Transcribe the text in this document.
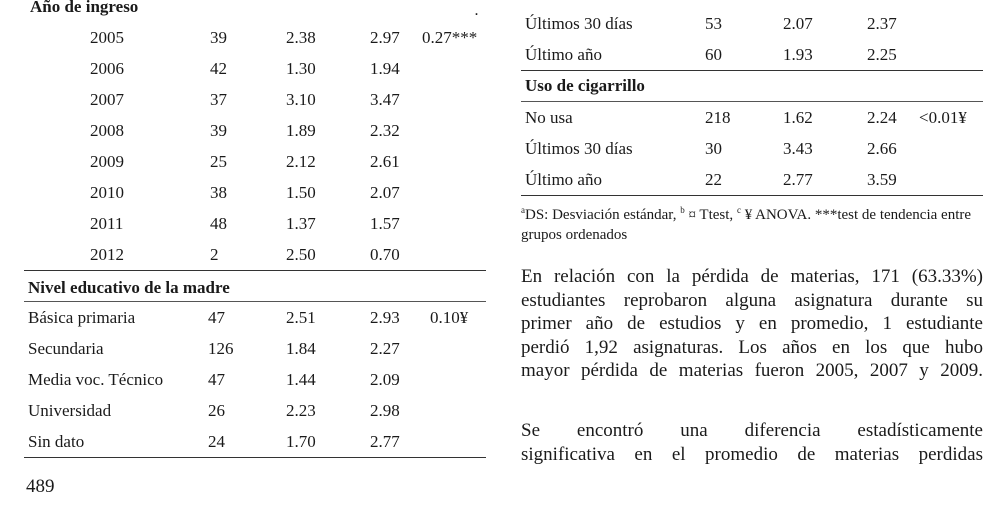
Año de ingreso	.
2005	39	2.38	2.97 0.27***
2006	42	1.30	1.94
2007	37	3.10	3.47
2008	39	1.89	2.32
2009	25	2.12	2.61
2010	38	1.50	2.07
2011	48	1.37	1.57
2012	2	2.50	0.70
Nivel educativo de la madre
Básica primaria	47	2.51	2.93 0.10¥
Secundaria	126	1.84	2.27
Media voc. Técnico	47	1.44	2.09
Universidad	26	2.23	2.98
Sin dato	24	1.70	2.77
Últimos 30 días	53	2.07	2.37
Último año	60	1.93	2.25
Uso de cigarrillo
No usa	218	1.62	2.24 <0.01¥
Últimos 30 días	30	3.43	2.66
Último año	22	2.77	3.59
$^a$DS: Desviación estándar, $^b$ ¤ Ttest, $^c$ ¥ ANOVA. ***test de tendencia entre grupos ordenados
En relación con la pérdida de materias, 171 (63.33%)
estudiantes reprobaron alguna asignatura durante su
primer año de estudios y en promedio, 1 estudiante
perdió 1,92 asignaturas. Los años en los que hubo
mayor pérdida de materias fueron 2005, 2007 y 2009.
Se encontró una diferencia estadísticamente
significativa en el promedio de materias perdidas
489
